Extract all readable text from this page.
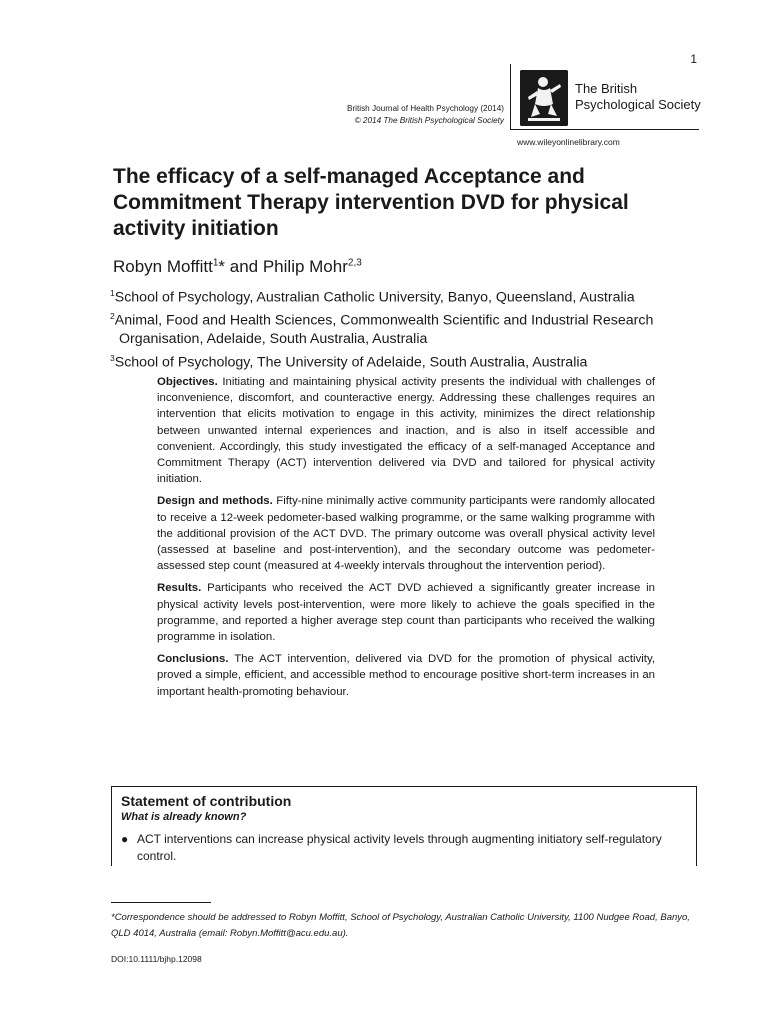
1
British Journal of Health Psychology (2014)
© 2014 The British Psychological Society
The British
Psychological Society
www.wileyonlinelibrary.com
The efficacy of a self-managed Acceptance and Commitment Therapy intervention DVD for physical activity initiation
Robyn Moffitt$^1$* and Philip Mohr$^{2,3}$
$^1$School of Psychology, Australian Catholic University, Banyo, Queensland, Australia
$^2$Animal, Food and Health Sciences, Commonwealth Scientific and Industrial Research
Organisation, Adelaide, South Australia, Australia
$^3$School of Psychology, The University of Adelaide, South Australia, Australia

Objectives. Initiating and maintaining physical activity presents the individual with challenges of inconvenience, discomfort, and counteractive energy. Addressing these challenges requires an intervention that elicits motivation to engage in this activity, minimizes the direct relationship between unwanted internal experiences and inaction, and is also in itself accessible and convenient. Accordingly, this study investigated the efficacy of a self-managed Acceptance and Commitment Therapy (ACT) intervention delivered via DVD and tailored for physical activity initiation.

Design and methods. Fifty-nine minimally active community participants were randomly allocated to receive a 12-week pedometer-based walking programme, or the same walking programme with the additional provision of the ACT DVD. The primary outcome was overall physical activity level (assessed at baseline and post-intervention), and the secondary outcome was pedometer-assessed step count (measured at 4-weekly intervals throughout the intervention period).

Results. Participants who received the ACT DVD achieved a significantly greater increase in physical activity levels post-intervention, were more likely to achieve the goals specified in the programme, and reported a higher average step count than participants who received the walking programme in isolation.

Conclusions. The ACT intervention, delivered via DVD for the promotion of physical activity, proved a simple, efficient, and accessible method to encourage positive short-term increases in an important health-promoting behaviour.

Statement of contribution
What is already known?
● ACT interventions can increase physical activity levels through augmenting initiatory self-regulatory control.
*Correspondence should be addressed to Robyn Moffitt, School of Psychology, Australian Catholic University, 1100 Nudgee Road, Banyo, QLD 4014, Australia (email: Robyn.Moffitt@acu.edu.au).
DOI:10.1111/bjhp.12098
